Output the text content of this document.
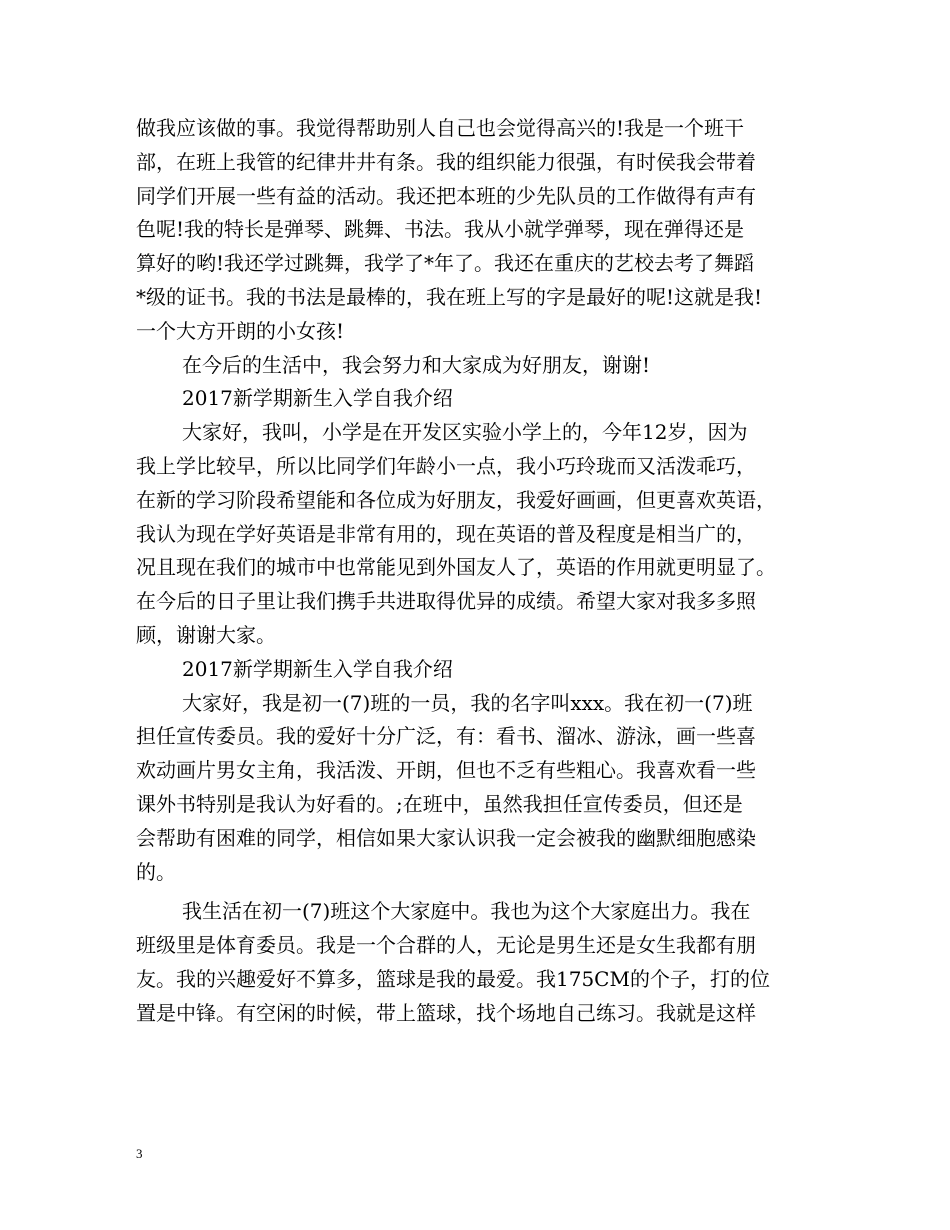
做我应该做的事。我觉得帮助别人自己也会觉得高兴的!我是一个班干
部，在班上我管的纪律井井有条。我的组织能力很强，有时侯我会带着
同学们开展一些有益的活动。我还把本班的少先队员的工作做得有声有
色呢!我的特长是弹琴、跳舞、书法。我从小就学弹琴，现在弹得还是
算好的哟!我还学过跳舞，我学了*年了。我还在重庆的艺校去考了舞蹈
*级的证书。我的书法是最棒的，我在班上写的字是最好的呢!这就是我!
一个大方开朗的小女孩!
在今后的生活中，我会努力和大家成为好朋友，谢谢!
2017新学期新生入学自我介绍
大家好，我叫，小学是在开发区实验小学上的，今年12岁，因为
我上学比较早，所以比同学们年龄小一点，我小巧玲珑而又活泼乖巧，
在新的学习阶段希望能和各位成为好朋友，我爱好画画，但更喜欢英语，
我认为现在学好英语是非常有用的，现在英语的普及程度是相当广的，
况且现在我们的城市中也常能见到外国友人了，英语的作用就更明显了。
在今后的日子里让我们携手共进取得优异的成绩。希望大家对我多多照
顾，谢谢大家。
2017新学期新生入学自我介绍
大家好，我是初一(7)班的一员，我的名字叫xxx。我在初一(7)班
担任宣传委员。我的爱好十分广泛，有：看书、溜冰、游泳，画一些喜
欢动画片男女主角，我活泼、开朗，但也不乏有些粗心。我喜欢看一些
课外书特别是我认为好看的。;在班中，虽然我担任宣传委员，但还是
会帮助有困难的同学，相信如果大家认识我一定会被我的幽默细胞感染
的。
我生活在初一(7)班这个大家庭中。我也为这个大家庭出力。我在
班级里是体育委员。我是一个合群的人，无论是男生还是女生我都有朋
友。我的兴趣爱好不算多，篮球是我的最爱。我175CM的个子，打的位
置是中锋。有空闲的时候，带上篮球，找个场地自己练习。我就是这样
3
